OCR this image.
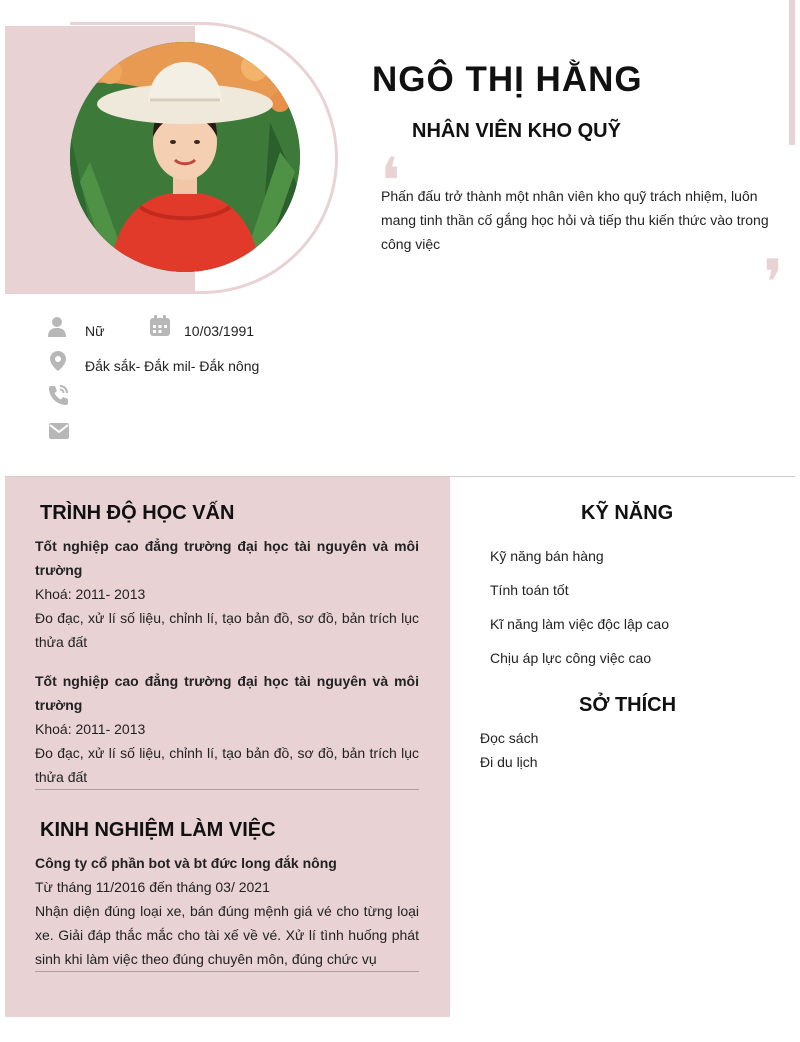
NGÔ THỊ HẰNG
NHÂN VIÊN KHO QUỸ
❛
Phấn đấu trở thành một nhân viên kho quỹ trách nhiệm, luôn mang tinh thần cố gắng học hỏi và tiếp thu kiến thức vào trong công việc
❜
Nữ	10/03/1991
Đắk sắk- Đắk mil- Đắk nông
TRÌNH ĐỘ HỌC VẤN
Tốt nghiệp cao đẳng trường đại học tài nguyên và môi trường
Khoá: 2011- 2013
Đo đạc, xử lí số liệu, chỉnh lí, tạo bản đồ, sơ đồ, bản trích lục thửa đất
Tốt nghiệp cao đẳng trường đại học tài nguyên và môi trường
Khoá: 2011- 2013
Đo đạc, xử lí số liệu, chỉnh lí, tạo bản đồ, sơ đồ, bản trích lục thửa đất
KINH NGHIỆM LÀM VIỆC
Công ty cổ phần bot và bt đức long đắk nông
Từ tháng 11/2016 đến tháng 03/ 2021
Nhận diện đúng loại xe, bán đúng mệnh giá vé cho từng loại xe. Giải đáp thắc mắc cho tài xế về vé. Xử lí tình huống phát sinh khi làm việc theo đúng chuyên môn, đúng chức vụ
KỸ NĂNG
Kỹ năng bán hàng
Tính toán tốt
Kĩ năng làm việc độc lập cao
Chịu áp lực công việc cao
SỞ THÍCH
Đọc sách
Đi du lịch
